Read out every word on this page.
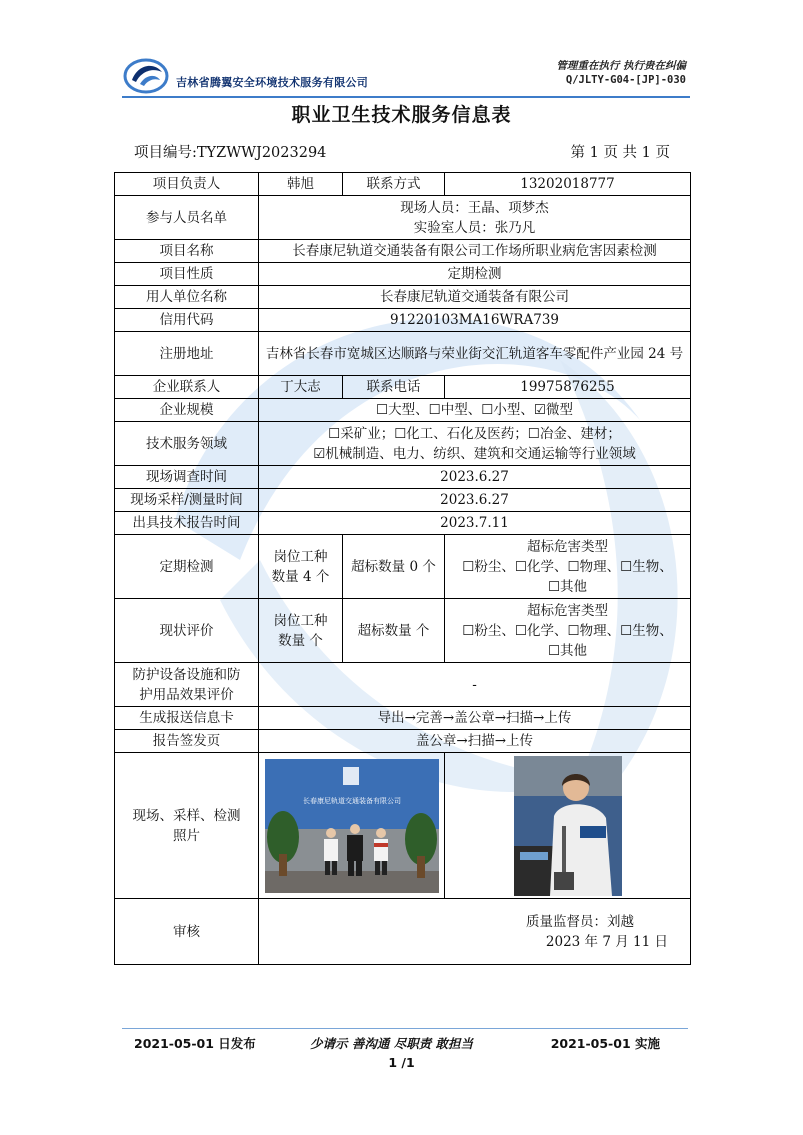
吉林省腾翼安全环境技术服务有限公司
管理重在执行 执行贵在纠偏
Q/JLTY-G04-[JP]-030
职业卫生技术服务信息表
项目编号:TYZWWJ2023294	第 1 页 共 1 页
项目负责人	韩旭	联系方式	13202018777
参与人员名单	现场人员：王晶、项梦杰
实验室人员：张乃凡		

项目名称	长春康尼轨道交通装备有限公司工作场所职业病危害因素检测		
项目性质	定期检测		
用人单位名称	长春康尼轨道交通装备有限公司		
信用代码	91220103MA16WRA739		
注册地址	吉林省长春市宽城区达顺路与荣业街交汇轨道客车零配件产业园 24 号		
企业联系人	丁大志	联系电话	19975876255
企业规模	☐大型、☐中型、☐小型、☑微型		
技术服务领域	☐采矿业；☐化工、石化及医药；☐冶金、建材；
☑机械制造、电力、纺织、建筑和交通运输等行业领域		

现场调查时间	2023.6.27		
现场采样/测量时间	2023.6.27		
出具技术报告时间	2023.7.11		
定期检测	岗位工种
数量 4 个	超标数量 0 个	超标危害类型
☐粉尘、☐化学、☐物理、☐生物、
☐其他

现状评价	岗位工种
数量 个	超标数量 个	超标危害类型
☐粉尘、☐化学、☐物理、☐生物、
☐其他

防护设备设施和防
护用品效果评价	-		
生成报送信息卡	导出→完善→盖公章→扫描→上传		
报告签发页	盖公章→扫描→上传		

现场、采样、检测
照片	长春康尼轨道交通装备有限公司

审核	质量监督员：刘越
2023 年 7 月 11 日		
2021-05-01 日发布	少请示 善沟通 尽职责 敢担当	2021-05-01 实施
1 /1
